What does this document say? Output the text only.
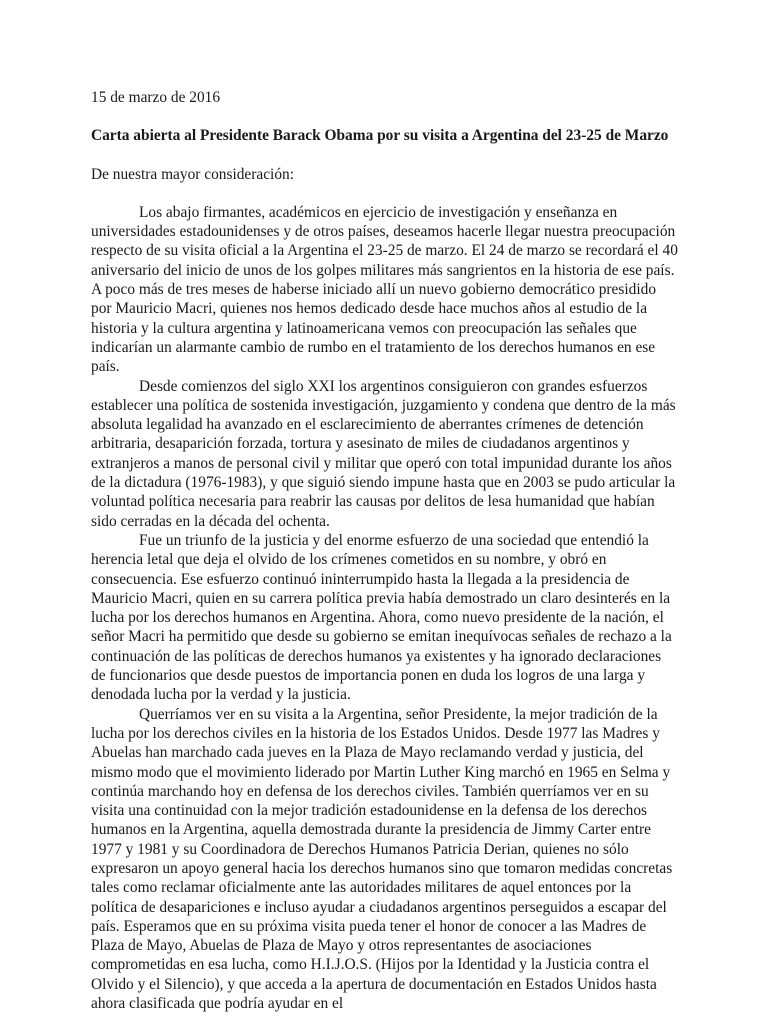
15 de marzo de 2016

Carta abierta al Presidente Barack Obama por su visita a Argentina del 23-25 de Marzo

De nuestra mayor consideración:

Los abajo firmantes, académicos en ejercicio de investigación y enseñanza en universidades estadounidenses y de otros países, deseamos hacerle llegar nuestra preocupación respecto de su visita oficial a la Argentina el 23-25 de marzo. El 24 de marzo se recordará el 40 aniversario del inicio de unos de los golpes militares más sangrientos en la historia de ese país. A poco más de tres meses de haberse iniciado allí un nuevo gobierno democrático presidido por Mauricio Macri, quienes nos hemos dedicado desde hace muchos años al estudio de la historia y la cultura argentina y latinoamericana vemos con preocupación las señales que indicarían un alarmante cambio de rumbo en el tratamiento de los derechos humanos en ese país.

Desde comienzos del siglo XXI los argentinos consiguieron con grandes esfuerzos establecer una política de sostenida investigación, juzgamiento y condena que dentro de la más absoluta legalidad ha avanzado en el esclarecimiento de aberrantes crímenes de detención arbitraria, desaparición forzada, tortura y asesinato de miles de ciudadanos argentinos y extranjeros a manos de personal civil y militar que operó con total impunidad durante los años de la dictadura (1976-1983), y que siguió siendo impune hasta que en 2003 se pudo articular la voluntad política necesaria para reabrir las causas por delitos de lesa humanidad que habían sido cerradas en la década del ochenta.

Fue un triunfo de la justicia y del enorme esfuerzo de una sociedad que entendió la herencia letal que deja el olvido de los crímenes cometidos en su nombre, y obró en consecuencia. Ese esfuerzo continuó ininterrumpido hasta la llegada a la presidencia de Mauricio Macri, quien en su carrera política previa había demostrado un claro desinterés en la lucha por los derechos humanos en Argentina. Ahora, como nuevo presidente de la nación, el señor Macri ha permitido que desde su gobierno se emitan inequívocas señales de rechazo a la continuación de las políticas de derechos humanos ya existentes y ha ignorado declaraciones de funcionarios que desde puestos de importancia ponen en duda los logros de una larga y denodada lucha por la verdad y la justicia.

Querríamos ver en su visita a la Argentina, señor Presidente, la mejor tradición de la lucha por los derechos civiles en la historia de los Estados Unidos. Desde 1977 las Madres y Abuelas han marchado cada jueves en la Plaza de Mayo reclamando verdad y justicia, del mismo modo que el movimiento liderado por Martin Luther King marchó en 1965 en Selma y continúa marchando hoy en defensa de los derechos civiles. También querríamos ver en su visita una continuidad con la mejor tradición estadounidense en la defensa de los derechos humanos en la Argentina, aquella demostrada durante la presidencia de Jimmy Carter entre 1977 y 1981 y su Coordinadora de Derechos Humanos Patricia Derian, quienes no sólo expresaron un apoyo general hacia los derechos humanos sino que tomaron medidas concretas tales como reclamar oficialmente ante las autoridades militares de aquel entonces por la política de desapariciones e incluso ayudar a ciudadanos argentinos perseguidos a escapar del país. Esperamos que en su próxima visita pueda tener el honor de conocer a las Madres de Plaza de Mayo, Abuelas de Plaza de Mayo y otros representantes de asociaciones comprometidas en esa lucha, como H.I.J.O.S. (Hijos por la Identidad y la Justicia contra el Olvido y el Silencio), y que acceda a la apertura de documentación en Estados Unidos hasta ahora clasificada que podría ayudar en el
